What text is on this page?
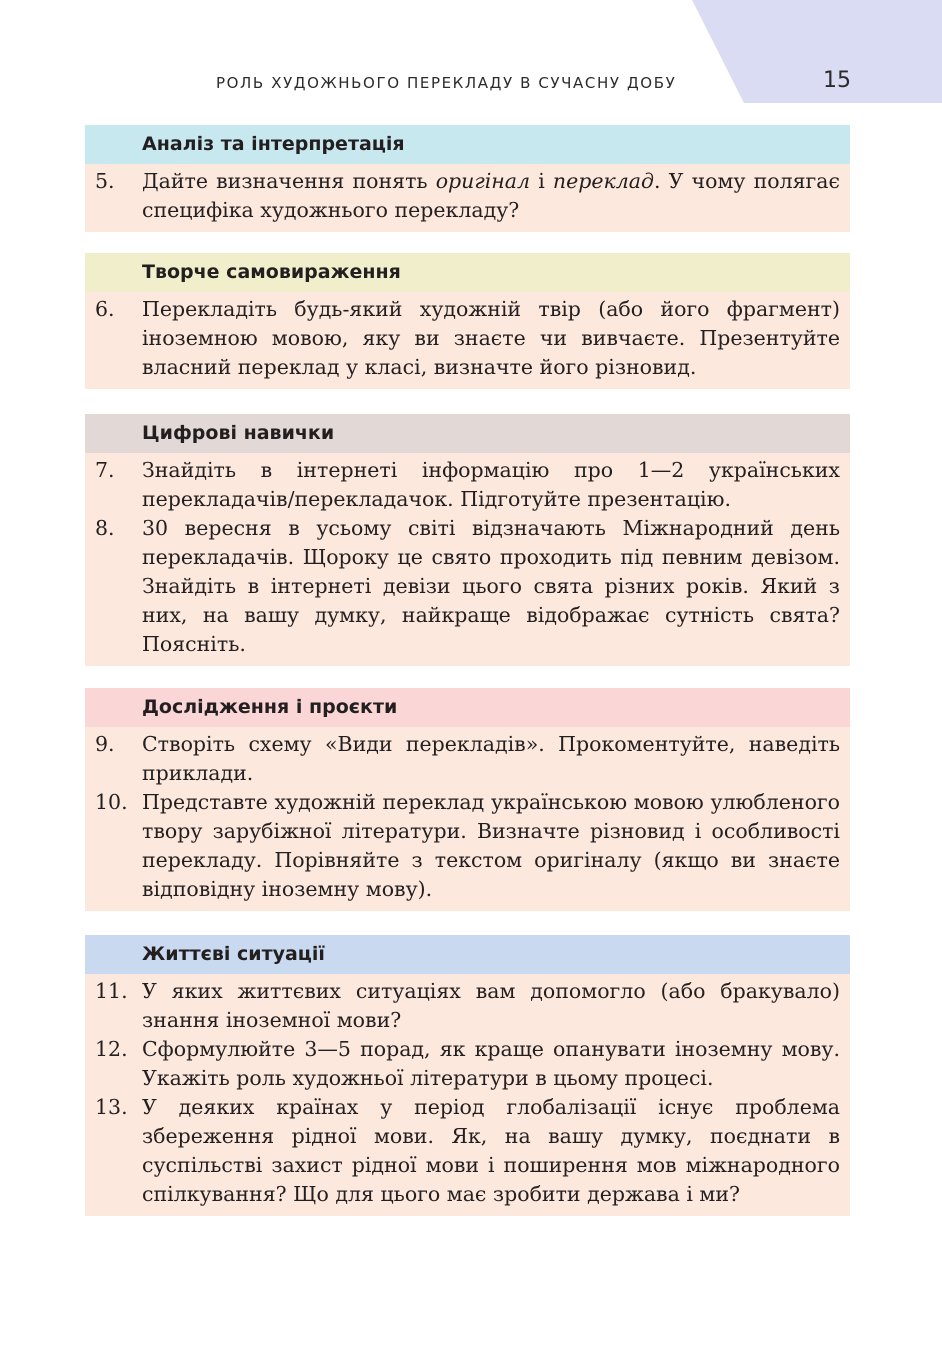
РОЛЬ ХУДОЖНЬОГО ПЕРЕКЛАДУ В СУЧАСНУ ДОБУ	15
Аналіз та інтерпретація
5. Дайте визначення понять оригінал і переклад. У чому полягає специфіка художнього перекладу?
Творче самовираження
6. Перекладіть будь-який художній твір (або його фрагмент) іноземною мовою, яку ви знаєте чи вивчаєте. Презентуйте власний переклад у класі, визначте його різновид.
Цифрові навички
7. Знайдіть в інтернеті інформацію про 1—2 українських перекладачів/перекладачок. Підготуйте презентацію.
8. 30 вересня в усьому світі відзначають Міжнародний день перекладачів. Щороку це свято проходить під певним девізом. Знайдіть в інтернеті девізи цього свята різних років. Який з них, на вашу думку, найкраще відображає сутність свята? Поясніть.
Дослідження і проєкти
9. Створіть схему «Види перекладів». Прокоментуйте, наведіть приклади.
10. Представте художній переклад українською мовою улюбленого твору зарубіжної літератури. Визначте різновид і особливості перекладу. Порівняйте з текстом оригіналу (якщо ви знаєте відповідну іноземну мову).
Життєві ситуації
11. У яких життєвих ситуаціях вам допомогло (або бракувало) знання іноземної мови?
12. Сформулюйте 3—5 порад, як краще опанувати іноземну мову. Укажіть роль художньої літератури в цьому процесі.
13. У деяких країнах у період глобалізації існує проблема збереження рідної мови. Як, на вашу думку, поєднати в суспільстві захист рідної мови і поширення мов міжнародного спілкування? Що для цього має зробити держава і ми?
